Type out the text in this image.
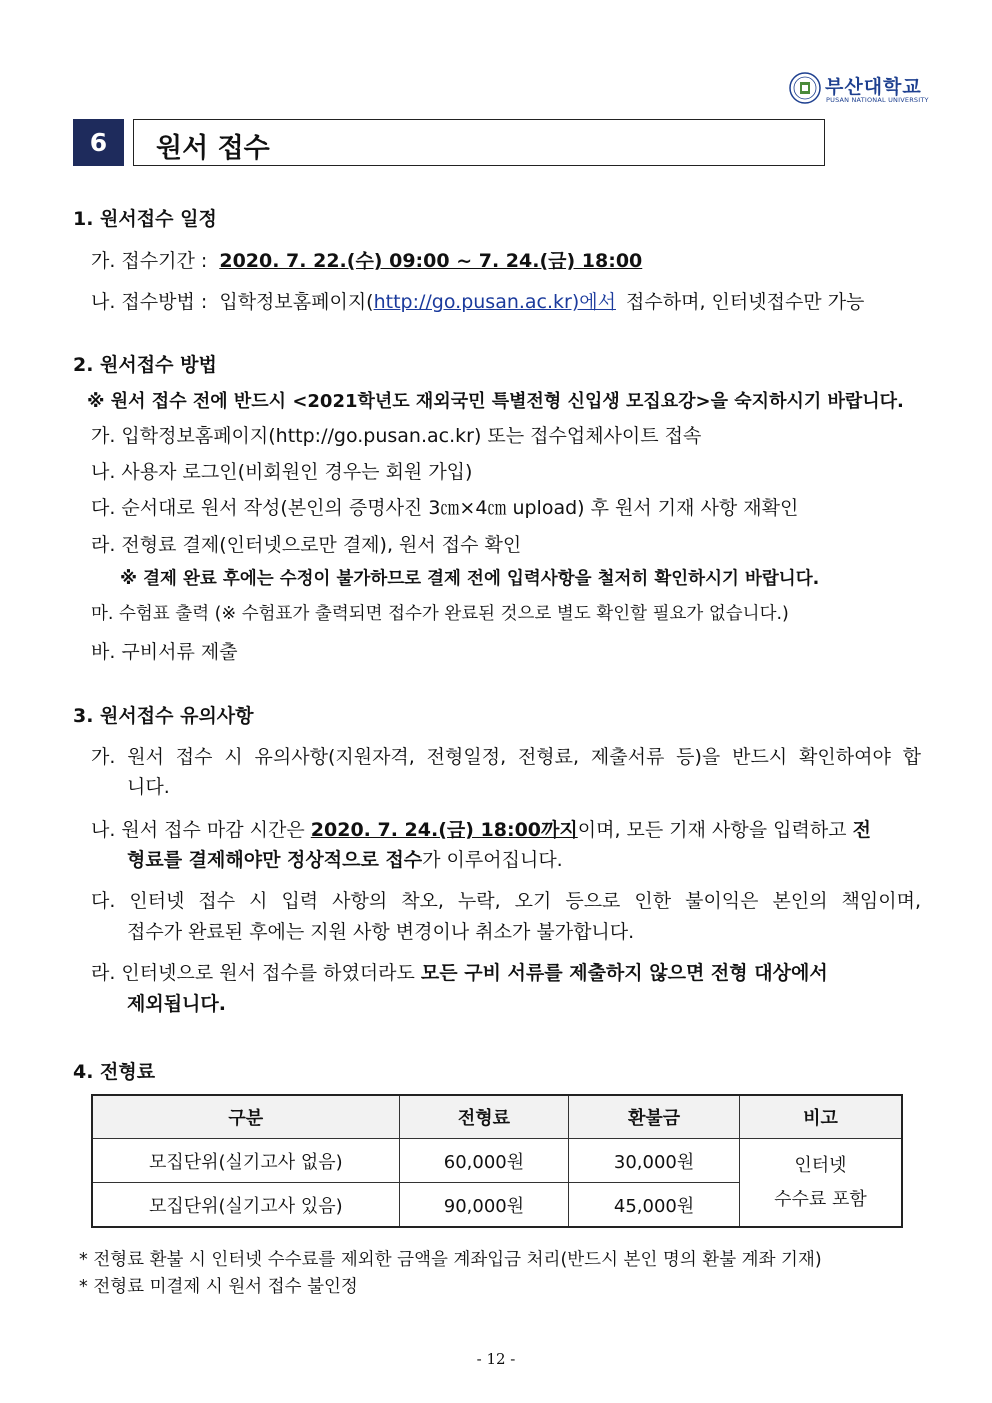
부산대학교
PUSAN NATIONAL UNIVERSITY
6	원서 접수
1. 원서접수 일정
가. 접수기간 : 2020. 7. 22.(수) 09:00 ~ 7. 24.(금) 18:00
나. 접수방법 : 입학정보홈페이지(http://go.pusan.ac.kr)에서 접수하며, 인터넷접수만 가능
2. 원서접수 방법
※ 원서 접수 전에 반드시 <2021학년도 재외국민 특별전형 신입생 모집요강>을 숙지하시기 바랍니다.
가. 입학정보홈페이지(http://go.pusan.ac.kr) 또는 접수업체사이트 접속
나. 사용자 로그인(비회원인 경우는 회원 가입)
다. 순서대로 원서 작성(본인의 증명사진 3㎝×4㎝ upload) 후 원서 기재 사항 재확인
라. 전형료 결제(인터넷으로만 결제), 원서 접수 확인
※ 결제 완료 후에는 수정이 불가하므로 결제 전에 입력사항을 철저히 확인하시기 바랍니다.
마. 수험표 출력 (※ 수험표가 출력되면 접수가 완료된 것으로 별도 확인할 필요가 없습니다.)
바. 구비서류 제출
3. 원서접수 유의사항
가. 원서 접수 시 유의사항(지원자격, 전형일정, 전형료, 제출서류 등)을 반드시 확인하여야 합
니다.
나. 원서 접수 마감 시간은 2020. 7. 24.(금) 18:00까지이며, 모든 기재 사항을 입력하고 전
형료를 결제해야만 정상적으로 접수가 이루어집니다.
다. 인터넷 접수 시 입력 사항의 착오, 누락, 오기 등으로 인한 불이익은 본인의 책임이며,
접수가 완료된 후에는 지원 사항 변경이나 취소가 불가합니다.
라. 인터넷으로 원서 접수를 하였더라도 모든 구비 서류를 제출하지 않으면 전형 대상에서
제외됩니다.
4. 전형료
구분	전형료	환불금	비고
모집단위(실기고사 없음)	60,000원	30,000원	인터넷
수수료 포함

모집단위(실기고사 있음)	90,000원	45,000원	
* 전형료 환불 시 인터넷 수수료를 제외한 금액을 계좌입금 처리(반드시 본인 명의 환불 계좌 기재)
* 전형료 미결제 시 원서 접수 불인정
- 12 -
